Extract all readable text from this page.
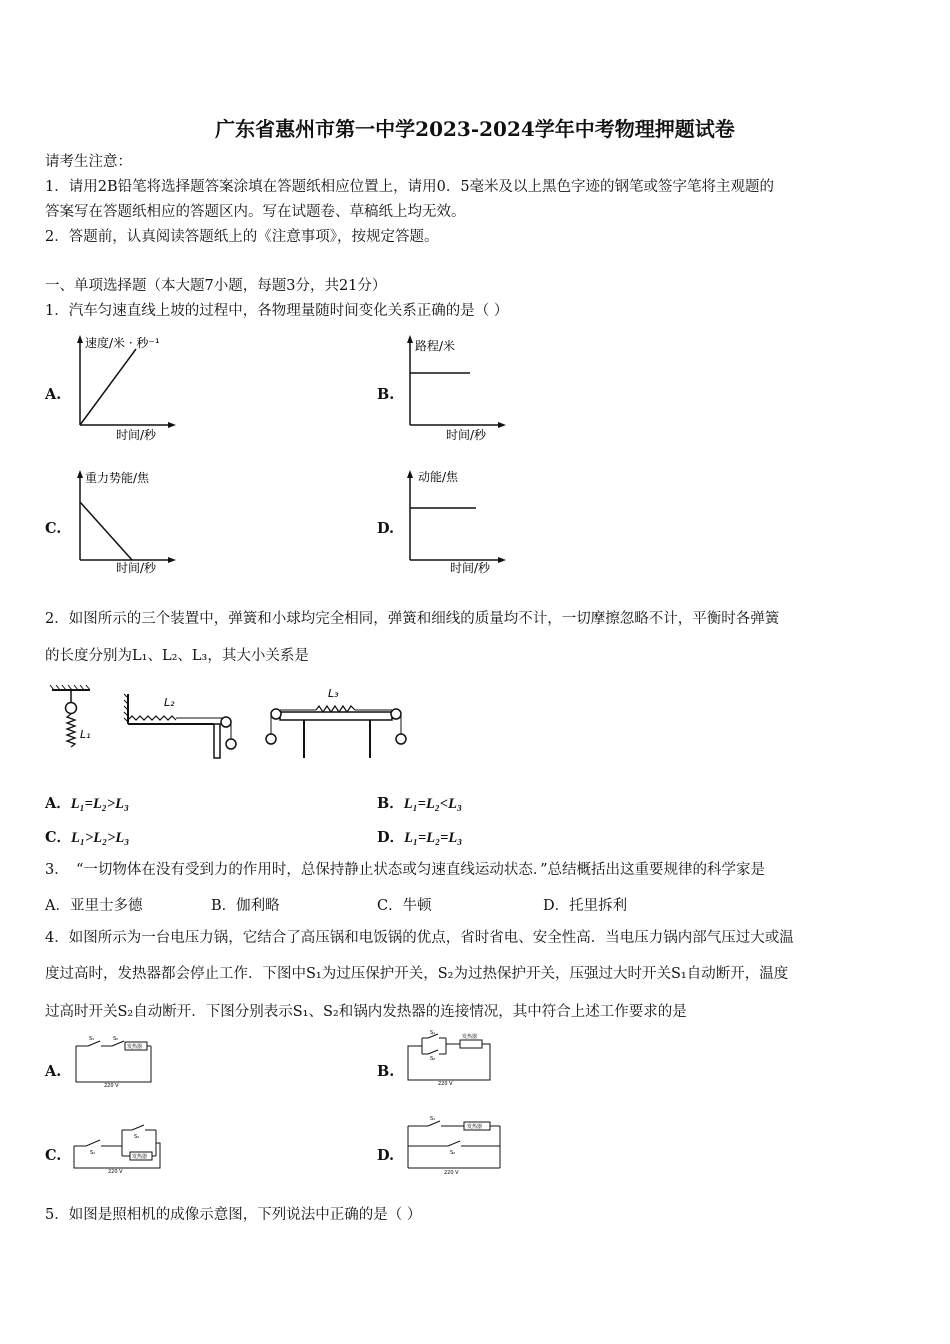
广东省惠州市第一中学2023-2024学年中考物理押题试卷
请考生注意：
1．请用2B铅笔将选择题答案涂填在答题纸相应位置上，请用0．5毫米及以上黑色字迹的钢笔或签字笔将主观题的
答案写在答题纸相应的答题区内。写在试题卷、草稿纸上均无效。
2．答题前，认真阅读答题纸上的《注意事项》，按规定答题。
一、单项选择题（本大题7小题，每题3分，共21分）
1．汽车匀速直线上坡的过程中，各物理量随时间变化关系正确的是（ ）
A.
速度/米 · 秒⁻¹
时间/秒
B.
路程/米
时间/秒
C.
重力势能/焦
时间/秒
D.
动能/焦
时间/秒
2．如图所示的三个装置中，弹簧和小球均完全相同，弹簧和细线的质量均不计，一切摩擦忽略不计，平衡时各弹簧
的长度分别为L₁、L₂、L₃，其大小关系是
L₁
L₂
L₃
A．L₁=L₂>L₃	B．L₁=L₂<L₃
C．L₁>L₂>L₃	D．L₁=L₂=L₃
3．　“一切物体在没有受到力的作用时，总保持静止状态或匀速直线运动状态．”总结概括出这重要规律的科学家是
A．亚里士多德	B．伽利略	C．牛顿	D．托里拆利
4．如图所示为一台电压力锅，它结合了高压锅和电饭锅的优点，省时省电、安全性高．当电压力锅内部气压过大或温
度过高时，发热器都会停止工作．下图中S₁为过压保护开关，S₂为过热保护开关，压强过大时开关S₁自动断开，温度
过高时开关S₂自动断开．下图分别表示S₁、S₂和锅内发热器的连接情况，其中符合上述工作要求的是
A.
S₁	S₂
发热器
220 V
B.
S₁
S₂
发热器
220 V
C.	S₁
S₂
发热器
220 V
D.
S₁
S₂
发热器
220 V
5．如图是照相机的成像示意图，下列说法中正确的是（ ）
